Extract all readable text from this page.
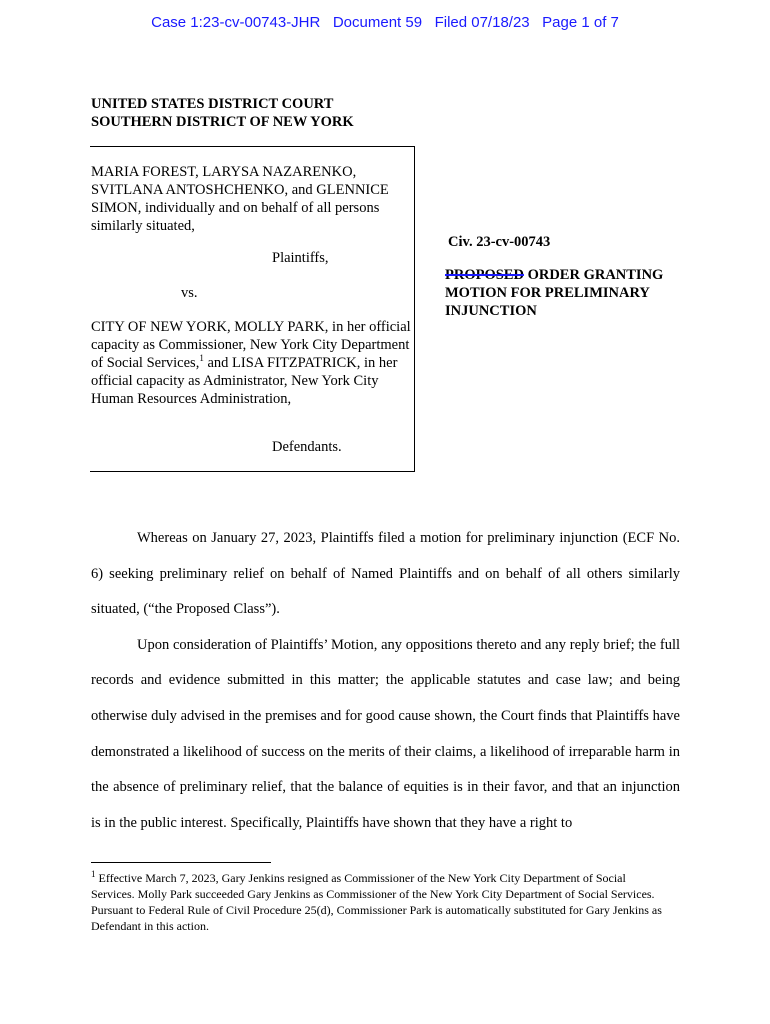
Case 1:23-cv-00743-JHR   Document 59   Filed 07/18/23   Page 1 of 7
UNITED STATES DISTRICT COURT
SOUTHERN DISTRICT OF NEW YORK
MARIA FOREST, LARYSA NAZARENKO, SVITLANA ANTOSHCHENKO, and GLENNICE SIMON, individually and on behalf of all persons similarly situated,
Plaintiffs,
vs.
CITY OF NEW YORK, MOLLY PARK, in her official capacity as Commissioner, New York City Department of Social Services,$^1$ and LISA FITZPATRICK, in her official capacity as Administrator, New York City Human Resources Administration,
Defendants.
Civ. 23-cv-00743
PROPOSED ORDER GRANTING MOTION FOR PRELIMINARY INJUNCTION

Whereas on January 27, 2023, Plaintiffs filed a motion for preliminary injunction (ECF No. 6) seeking preliminary relief on behalf of Named Plaintiffs and on behalf of all others similarly situated, (“the Proposed Class”).

Upon consideration of Plaintiffs’ Motion, any oppositions thereto and any reply brief; the full records and evidence submitted in this matter; the applicable statutes and case law; and being otherwise duly advised in the premises and for good cause shown, the Court finds that Plaintiffs have demonstrated a likelihood of success on the merits of their claims, a likelihood of irreparable harm in the absence of preliminary relief, that the balance of equities is in their favor, and that an injunction is in the public interest. Specifically, Plaintiffs have shown that they have a right to

$^1$ Effective March 7, 2023, Gary Jenkins resigned as Commissioner of the New York City Department of Social Services. Molly Park succeeded Gary Jenkins as Commissioner of the New York City Department of Social Services. Pursuant to Federal Rule of Civil Procedure 25(d), Commissioner Park is automatically substituted for Gary Jenkins as Defendant in this action.
